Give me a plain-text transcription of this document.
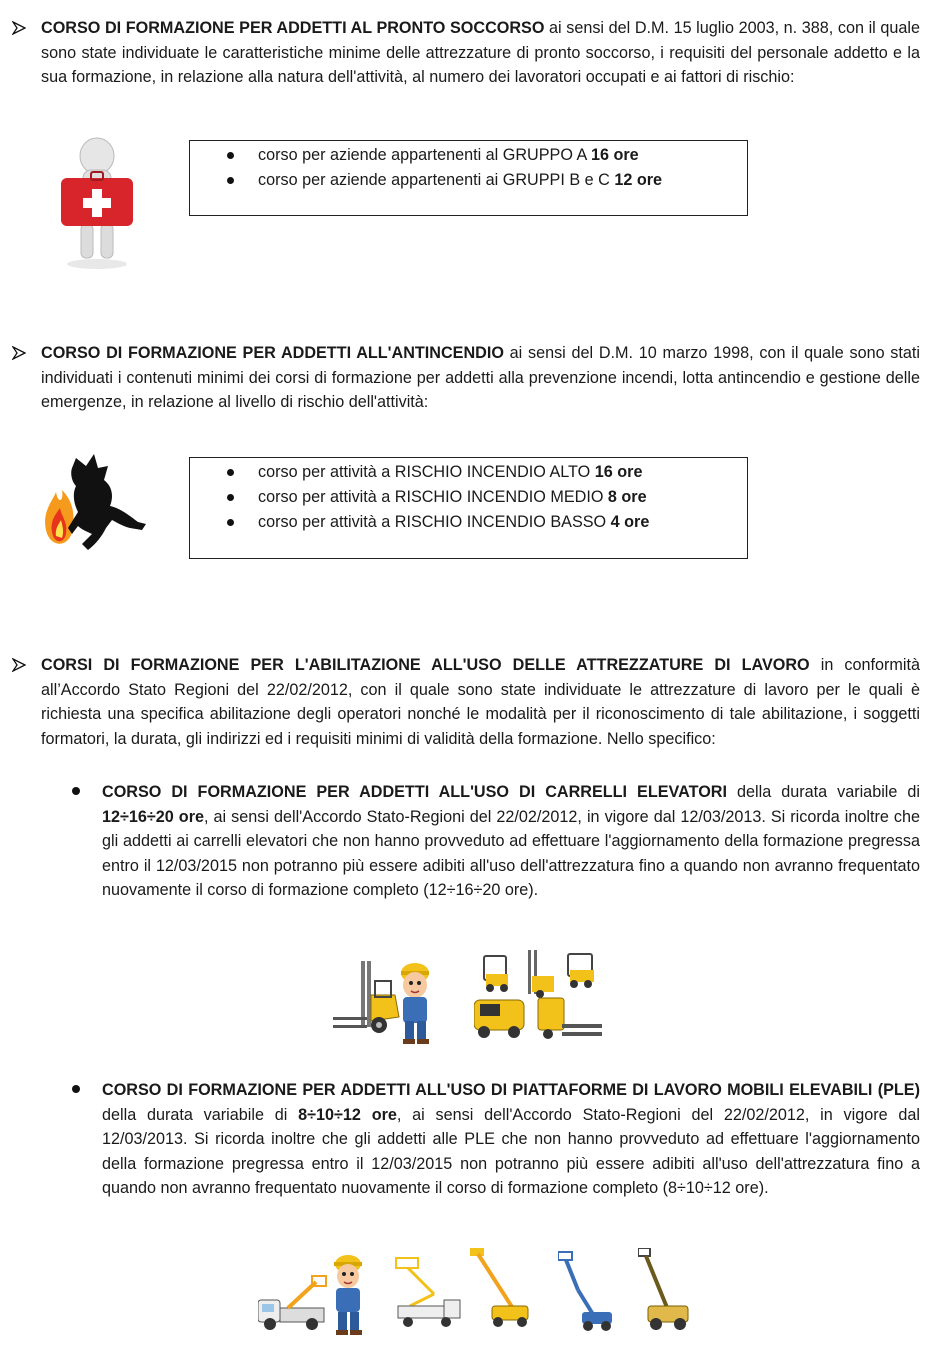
CORSO DI FORMAZIONE PER ADDETTI AL PRONTO SOCCORSO ai sensi del D.M. 15 luglio 2003, n. 388, con il quale sono state individuate le caratteristiche minime delle attrezzature di pronto soccorso, i requisiti del personale addetto e la sua formazione, in relazione alla natura dell'attività, al numero dei lavoratori occupati e ai fattori di rischio:
corso per aziende appartenenti al GRUPPO A 16 ore
corso per aziende appartenenti ai GRUPPI B e C 12 ore
CORSO DI FORMAZIONE PER ADDETTI ALL'ANTINCENDIO ai sensi del D.M. 10 marzo 1998, con il quale sono stati individuati i contenuti minimi dei corsi di formazione per addetti alla prevenzione incendi, lotta antincendio e gestione delle emergenze, in relazione al livello di rischio dell'attività:
corso per attività a RISCHIO INCENDIO ALTO 16 ore
corso per attività a RISCHIO INCENDIO MEDIO 8 ore
corso per attività a RISCHIO INCENDIO BASSO 4 ore
CORSI DI FORMAZIONE PER L'ABILITAZIONE ALL'USO DELLE ATTREZZATURE DI LAVORO in conformità all’Accordo Stato Regioni del 22/02/2012, con il quale sono state individuate le attrezzature di lavoro per le quali è richiesta una specifica abilitazione degli operatori nonché le modalità per il riconoscimento di tale abilitazione, i soggetti formatori, la durata, gli indirizzi ed i requisiti minimi di validità della formazione. Nello specifico:
CORSO DI FORMAZIONE PER ADDETTI ALL'USO DI CARRELLI ELEVATORI della durata variabile di 12÷16÷20 ore, ai sensi dell'Accordo Stato-Regioni del 22/02/2012, in vigore dal 12/03/2013. Si ricorda inoltre che gli addetti ai carrelli elevatori che non hanno provveduto ad effettuare l'aggiornamento della formazione pregressa entro il 12/03/2015 non potranno più essere adibiti all'uso dell'attrezzatura fino a quando non avranno frequentato nuovamente il corso di formazione completo (12÷16÷20 ore).
CORSO DI FORMAZIONE PER ADDETTI ALL'USO DI PIATTAFORME DI LAVORO MOBILI ELEVABILI (PLE) della durata variabile di 8÷10÷12 ore, ai sensi dell'Accordo Stato-Regioni del 22/02/2012, in vigore dal 12/03/2013. Si ricorda inoltre che gli addetti alle PLE che non hanno provveduto ad effettuare l'aggiornamento della formazione pregressa entro il 12/03/2015 non potranno più essere adibiti all'uso dell'attrezzatura fino a quando non avranno frequentato nuovamente il corso di formazione completo (8÷10÷12 ore).
